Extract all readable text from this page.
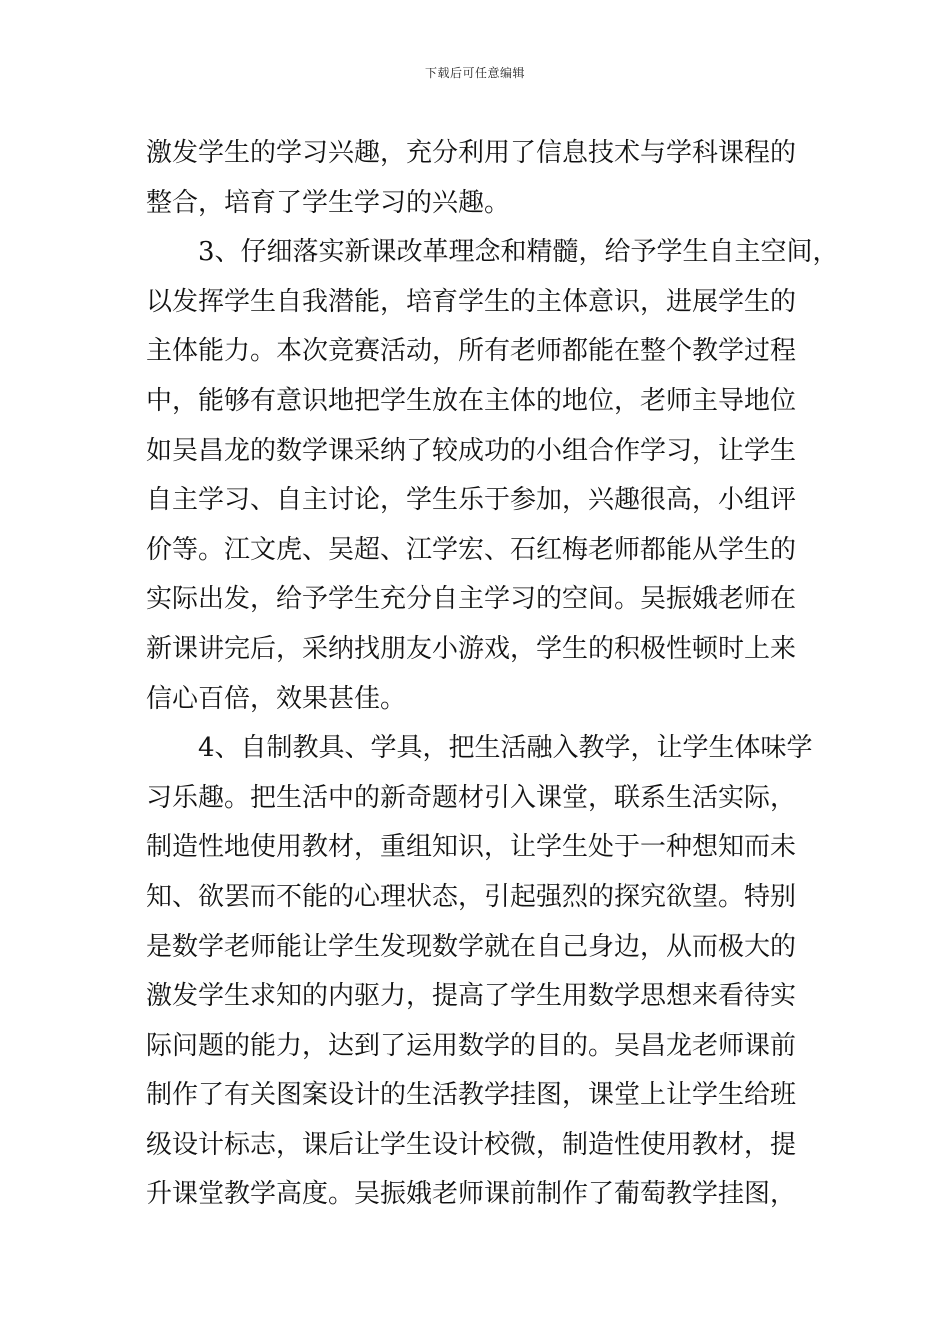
下载后可任意编辑
激发学生的学习兴趣，充分利用了信息技术与学科课程的
整合，培育了学生学习的兴趣。
3、仔细落实新课改革理念和精髓，给予学生自主空间，
以发挥学生自我潜能，培育学生的主体意识，进展学生的
主体能力。本次竞赛活动，所有老师都能在整个教学过程
中，能够有意识地把学生放在主体的地位，老师主导地位
如吴昌龙的数学课采纳了较成功的小组合作学习，让学生
自主学习、自主讨论，学生乐于参加，兴趣很高，小组评
价等。江文虎、吴超、江学宏、石红梅老师都能从学生的
实际出发，给予学生充分自主学习的空间。吴振娥老师在
新课讲完后，采纳找朋友小游戏，学生的积极性顿时上来
信心百倍，效果甚佳。
4、自制教具、学具，把生活融入教学，让学生体味学
习乐趣。把生活中的新奇题材引入课堂，联系生活实际，
制造性地使用教材，重组知识，让学生处于一种想知而未
知、欲罢而不能的心理状态，引起强烈的探究欲望。特别
是数学老师能让学生发现数学就在自己身边，从而极大的
激发学生求知的内驱力，提高了学生用数学思想来看待实
际问题的能力，达到了运用数学的目的。吴昌龙老师课前
制作了有关图案设计的生活教学挂图，课堂上让学生给班
级设计标志，课后让学生设计校微，制造性使用教材，提
升课堂教学高度。吴振娥老师课前制作了葡萄教学挂图，
